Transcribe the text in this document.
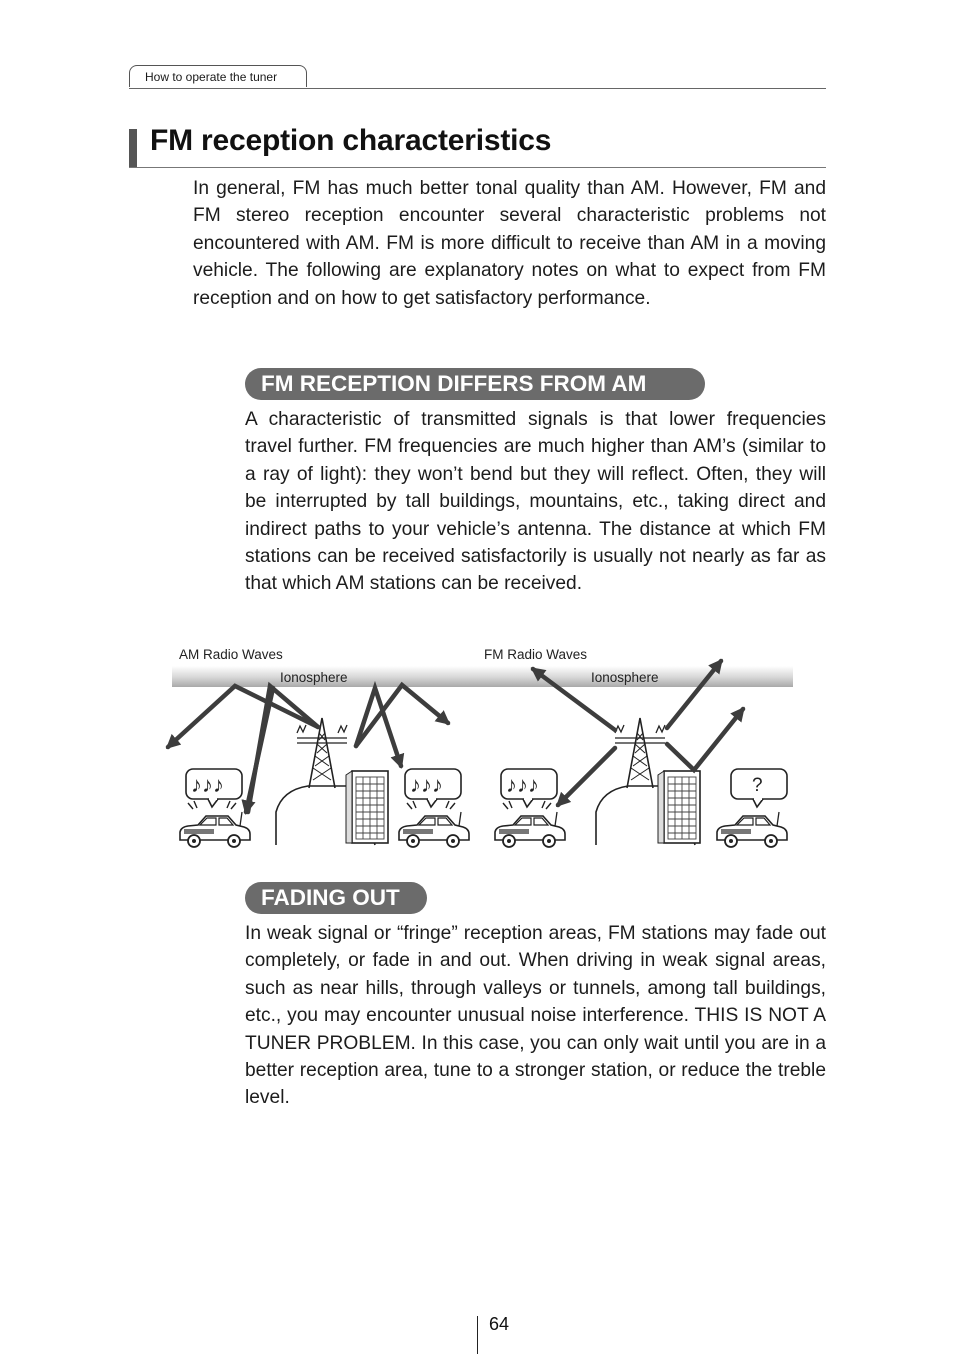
How to operate the tuner
FM reception characteristics

In general, FM has much better tonal quality than AM. However, FM and FM stereo reception encounter several characteristic problems not encountered with AM. FM is more difficult to receive than AM in a moving vehicle. The following are explanatory notes on what to expect from FM reception and on how to get satisfactory performance.

FM RECEPTION DIFFERS FROM AM

A characteristic of transmitted signals is that lower frequencies travel further. FM frequencies are much higher than AM’s (similar to a ray of light): they won’t bend but they will reflect. Often, they will be interrupted by tall buildings, mountains, etc., taking direct and indirect paths to your vehicle’s antenna. The distance at which FM stations can be received satisfactorily is usually not nearly as far as that which AM stations can be received.

AM Radio Waves	FM Radio Waves
Ionosphere	Ionosphere
♪♪♪	♪♪♪	♪♪♪	?
FADING OUT

In weak signal or “fringe” reception areas, FM stations may fade out completely, or fade in and out. When driving in weak signal areas, such as near hills, through valleys or tunnels, among tall buildings, etc., you may encounter unusual noise interference. THIS IS NOT A TUNER PROBLEM. In this case, you can only wait until you are in a better reception area, tune to a stronger station, or reduce the treble level.

64
